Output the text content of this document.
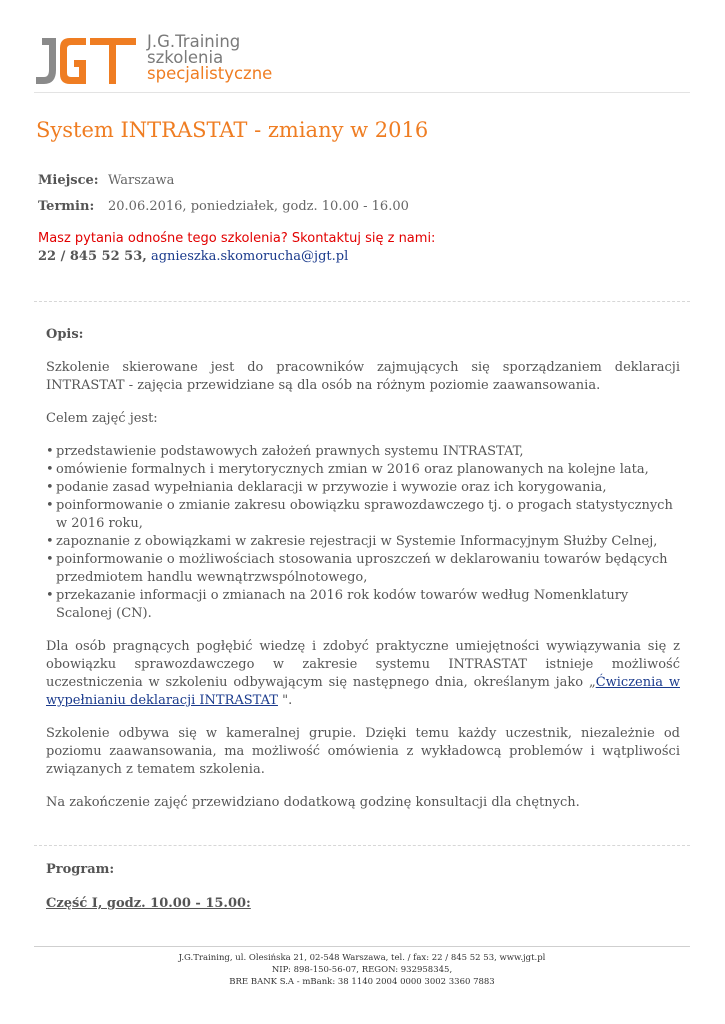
J.G.Training
szkolenia
specjalistyczne
System INTRASTAT - zmiany w 2016
Miejsce: Warszawa
Termin:	20.06.2016, poniedziałek, godz. 10.00 - 16.00
Masz pytania odnośne tego szkolenia? Skontaktuj się z nami:
22 / 845 52 53, agnieszka.skomorucha@jgt.pl

Opis:

Szkolenie skierowane jest do pracowników zajmujących się sporządzaniem deklaracji INTRASTAT - zajęcia przewidziane są dla osób na różnym poziomie zaawansowania.

Celem zajęć jest:

• przedstawienie podstawowych założeń prawnych systemu INTRASTAT,
• omówienie formalnych i merytorycznych zmian w 2016 oraz planowanych na kolejne lata,
• podanie zasad wypełniania deklaracji w przywozie i wywozie oraz ich korygowania,
• poinformowanie o zmianie zakresu obowiązku sprawozdawczego tj. o progach statystycznych w 2016 roku,
• zapoznanie z obowiązkami w zakresie rejestracji w Systemie Informacyjnym Służby Celnej,
• poinformowanie o możliwościach stosowania uproszczeń w deklarowaniu towarów będących przedmiotem handlu wewnątrzwspólnotowego,
• przekazanie informacji o zmianach na 2016 rok kodów towarów według Nomenklatury Scalonej (CN).

Dla osób pragnących pogłębić wiedzę i zdobyć praktyczne umiejętności wywiązywania się z obowiązku sprawozdawczego w zakresie systemu INTRASTAT istnieje możliwość uczestniczenia w szkoleniu odbywającym się następnego dnia, określanym jako „Ćwiczenia w wypełnianiu deklaracji INTRASTAT ".

Szkolenie odbywa się w kameralnej grupie. Dzięki temu każdy uczestnik, niezależnie od poziomu zaawansowania, ma możliwość omówienia z wykładowcą problemów i wątpliwości związanych z tematem szkolenia.

Na zakończenie zajęć przewidziano dodatkową godzinę konsultacji dla chętnych.

Program:

Część I, godz. 10.00 - 15.00:

J.G.Training, ul. Olesińska 21, 02-548 Warszawa, tel. / fax: 22 / 845 52 53, www.jgt.pl
NIP: 898-150-56-07, REGON: 932958345,
BRE BANK S.A - mBank: 38 1140 2004 0000 3002 3360 7883
